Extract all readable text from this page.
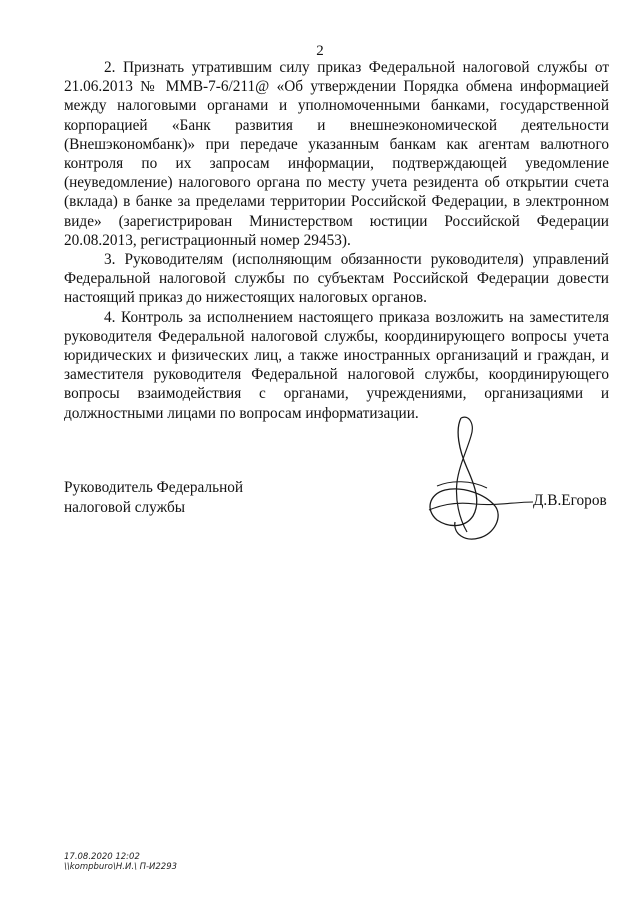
2

2. Признать утратившим силу приказ Федеральной налоговой службы от 21.06.2013 № ММВ-7-6/211@ «Об утверждении Порядка обмена информацией между налоговыми органами и уполномоченными банками, государственной корпорацией «Банк развития и внешнеэкономической деятельности (Внешэкономбанк)» при передаче указанным банкам как агентам валютного контроля по их запросам информации, подтверждающей уведомление (неуведомление) налогового органа по месту учета резидента об открытии счета (вклада) в банке за пределами территории Российской Федерации, в электронном виде» (зарегистрирован Министерством юстиции Российской Федерации 20.08.2013, регистрационный номер 29453).

3. Руководителям (исполняющим обязанности руководителя) управлений Федеральной налоговой службы по субъектам Российской Федерации довести настоящий приказ до нижестоящих налоговых органов.

4. Контроль за исполнением настоящего приказа возложить на заместителя руководителя Федеральной налоговой службы, координирующего вопросы учета юридических и физических лиц, а также иностранных организаций и граждан, и заместителя руководителя Федеральной налоговой службы, координирующего вопросы взаимодействия с органами, учреждениями, организациями и должностными лицами по вопросам информатизации.

Руководитель Федеральной
налоговой службы	Д.В.Егоров
17.08.2020 12:02
\\kompburo\Н.И.\ П-И2293
